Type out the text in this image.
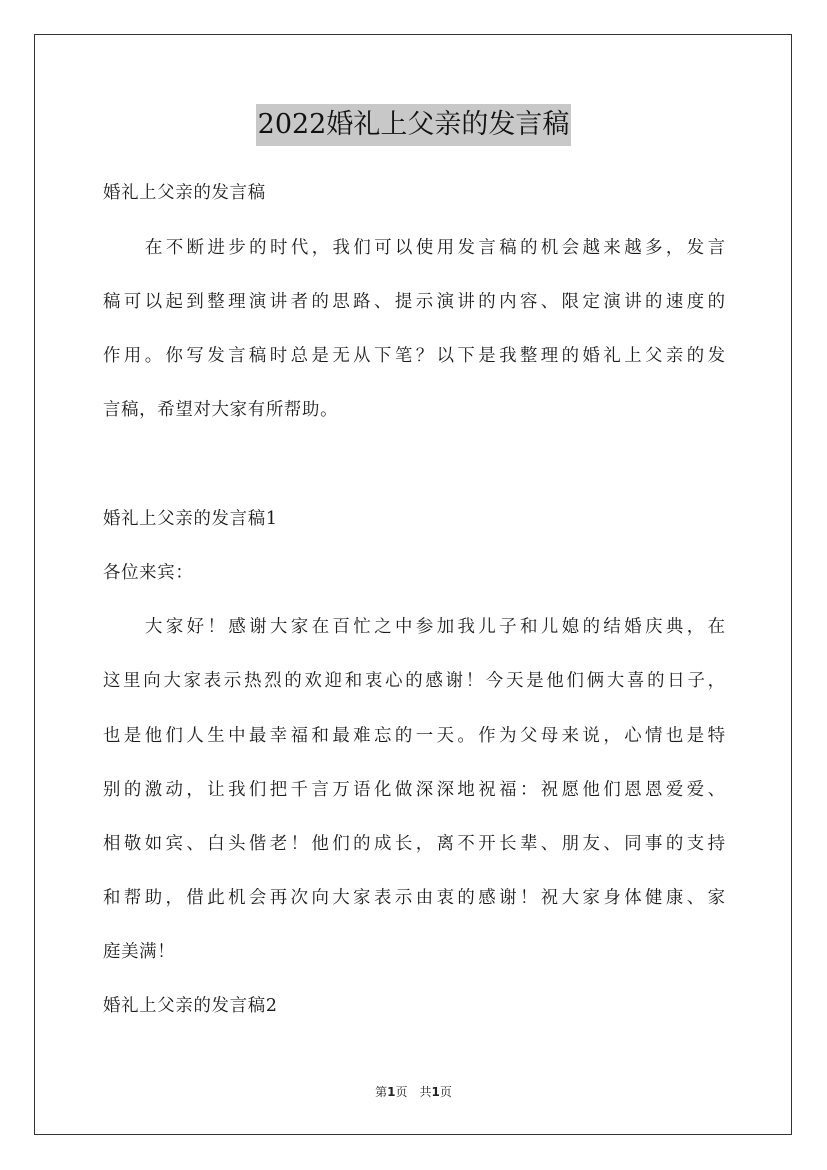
2022婚礼上父亲的发言稿

婚礼上父亲的发言稿

在不断进步的时代，我们可以使用发言稿的机会越来越多，发言

稿可以起到整理演讲者的思路、提示演讲的内容、限定演讲的速度的

作用。你写发言稿时总是无从下笔？以下是我整理的婚礼上父亲的发

言稿，希望对大家有所帮助。

婚礼上父亲的发言稿1

各位来宾：

大家好！感谢大家在百忙之中参加我儿子和儿媳的结婚庆典，在

这里向大家表示热烈的欢迎和衷心的感谢！今天是他们俩大喜的日子，

也是他们人生中最幸福和最难忘的一天。作为父母来说，心情也是特

别的激动，让我们把千言万语化做深深地祝福：祝愿他们恩恩爱爱、

相敬如宾、白头偕老！他们的成长，离不开长辈、朋友、同事的支持

和帮助，借此机会再次向大家表示由衷的感谢！祝大家身体健康、家

庭美满！

婚礼上父亲的发言稿2

第1页 共1页
